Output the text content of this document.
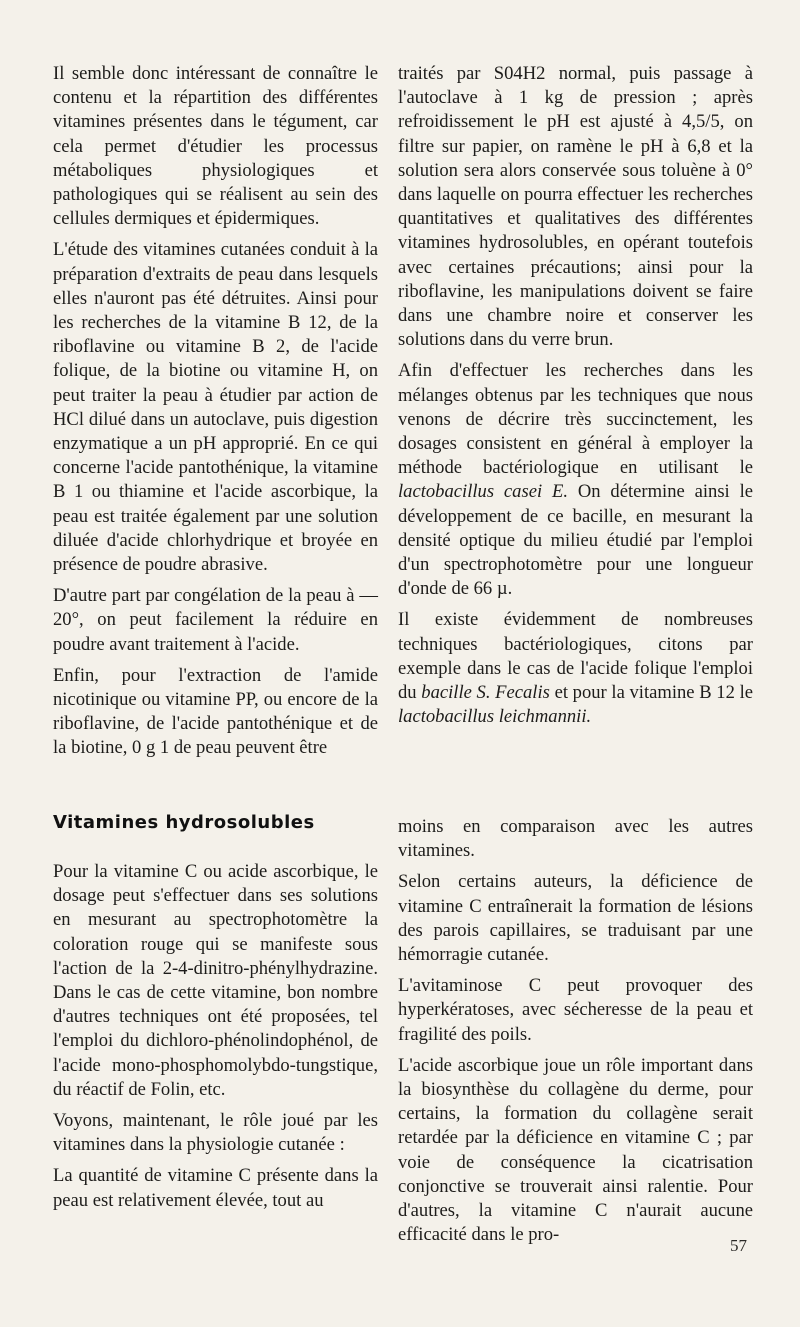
Il semble donc intéressant de connaître le contenu et la répartition des différentes vitamines présentes dans le tégument, car cela permet d'étudier les processus métaboliques physiologiques et pathologiques qui se réalisent au sein des cellules dermiques et épidermiques.

L'étude des vitamines cutanées conduit à la préparation d'extraits de peau dans lesquels elles n'auront pas été détruites. Ainsi pour les recherches de la vitamine B 12, de la riboflavine ou vitamine B 2, de l'acide folique, de la biotine ou vitamine H, on peut traiter la peau à étudier par action de HCl dilué dans un autoclave, puis digestion enzymatique a un pH approprié. En ce qui concerne l'acide pantothénique, la vitamine B 1 ou thiamine et l'acide ascorbique, la peau est traitée également par une solution diluée d'acide chlorhydrique et broyée en présence de poudre abrasive.

D'autre part par congélation de la peau à — 20°, on peut facilement la réduire en poudre avant traitement à l'acide.

Enfin, pour l'extraction de l'amide nicotinique ou vitamine PP, ou encore de la riboflavine, de l'acide pantothénique et de la biotine, 0 g 1 de peau peuvent être

traités par S04H2 normal, puis passage à l'autoclave à 1 kg de pression ; après refroidissement le pH est ajusté à 4,5/5, on filtre sur papier, on ramène le pH à 6,8 et la solution sera alors conservée sous toluène à 0° dans laquelle on pourra effectuer les recherches quantitatives et qualitatives des différentes vitamines hydrosolubles, en opérant toutefois avec certaines précautions; ainsi pour la riboflavine, les manipulations doivent se faire dans une chambre noire et conserver les solutions dans du verre brun.

Afin d'effectuer les recherches dans les mélanges obtenus par les techniques que nous venons de décrire très succinctement, les dosages consistent en général à employer la méthode bactériologique en utilisant le lactobacillus casei E. On détermine ainsi le développement de ce bacille, en mesurant la densité optique du milieu étudié par l'emploi d'un spectrophotomètre pour une longueur d'onde de 66 µ.

Il existe évidemment de nombreuses techniques bactériologiques, citons par exemple dans le cas de l'acide folique l'emploi du bacille S. Fecalis et pour la vitamine B 12 le lactobacillus leichmannii.

Vitamines hydrosolubles

Pour la vitamine C ou acide ascorbique, le dosage peut s'effectuer dans ses solutions en mesurant au spectrophotomètre la coloration rouge qui se manifeste sous l'action de la 2-4-dinitro-phénylhydrazine. Dans le cas de cette vitamine, bon nombre d'autres techniques ont été proposées, tel l'emploi du dichloro-phénolindophénol, de l'acide mono-phosphomolybdo-tungstique, du réactif de Folin, etc.

Voyons, maintenant, le rôle joué par les vitamines dans la physiologie cutanée :

La quantité de vitamine C présente dans la peau est relativement élevée, tout au

moins en comparaison avec les autres vitamines.

Selon certains auteurs, la déficience de vitamine C entraînerait la formation de lésions des parois capillaires, se traduisant par une hémorragie cutanée.

L'avitaminose C peut provoquer des hyperkératoses, avec sécheresse de la peau et fragilité des poils.

L'acide ascorbique joue un rôle important dans la biosynthèse du collagène du derme, pour certains, la formation du collagène serait retardée par la déficience en vitamine C ; par voie de conséquence la cicatrisation conjonctive se trouverait ainsi ralentie. Pour d'autres, la vitamine C n'aurait aucune efficacité dans le pro-

57
